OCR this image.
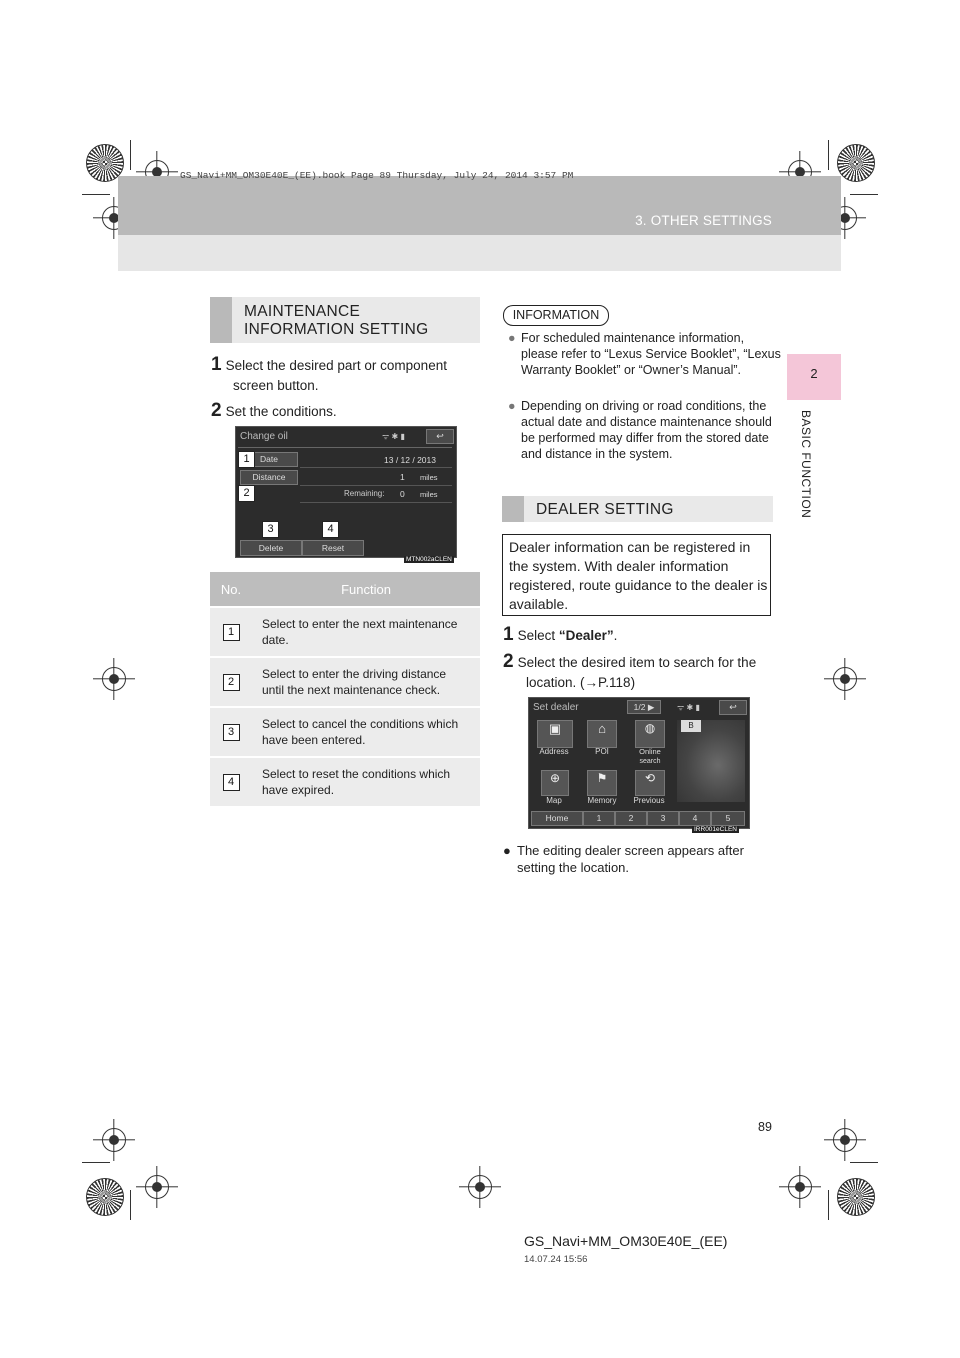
GS_Navi+MM_OM30E40E_(EE).book Page 89 Thursday, July 24, 2014 3:57 PM
3. OTHER SETTINGS
2
BASIC FUNCTION
MAINTENANCE
INFORMATION SETTING
1 Select the desired part or component
screen button.
2 Set the conditions.
Change oil	ᯤ ✱ ▮	↩
Date	13 / 12 / 2013
Distance	1 miles
Remaining: 0 miles
Delete	Reset
1
2
3	4
MTN002aCLEN
No.	Function
1	Select to enter the next maintenance date.
2	Select to enter the driving distance until the next maintenance check.
3	Select to cancel the conditions which have been entered.
4	Select to reset the conditions which have expired.
INFORMATION
● For scheduled maintenance information, please refer to “Lexus Service Booklet”, “Lexus Warranty Booklet” or “Owner’s Manual”.
● Depending on driving or road conditions, the actual date and distance maintenance should be performed may differ from the stored date and distance in the system.
DEALER SETTING
Dealer information can be registered in the system. With dealer information registered, route guidance to the dealer is available.
1 Select “Dealer”.
2 Select the desired item to search for the
location. (→P.118)
Set dealer	1/2 ▶	ᯤ ✱ ▮	↩
B
▣
Address
⌂
POI
◍
Online
search
⊕
Map
⚑
Memory
⟲
Previous
Home	1	2	3	4	5
IRR001eCLEN
● The editing dealer screen appears after setting the location.
89
GS_Navi+MM_OM30E40E_(EE)
14.07.24 15:56
